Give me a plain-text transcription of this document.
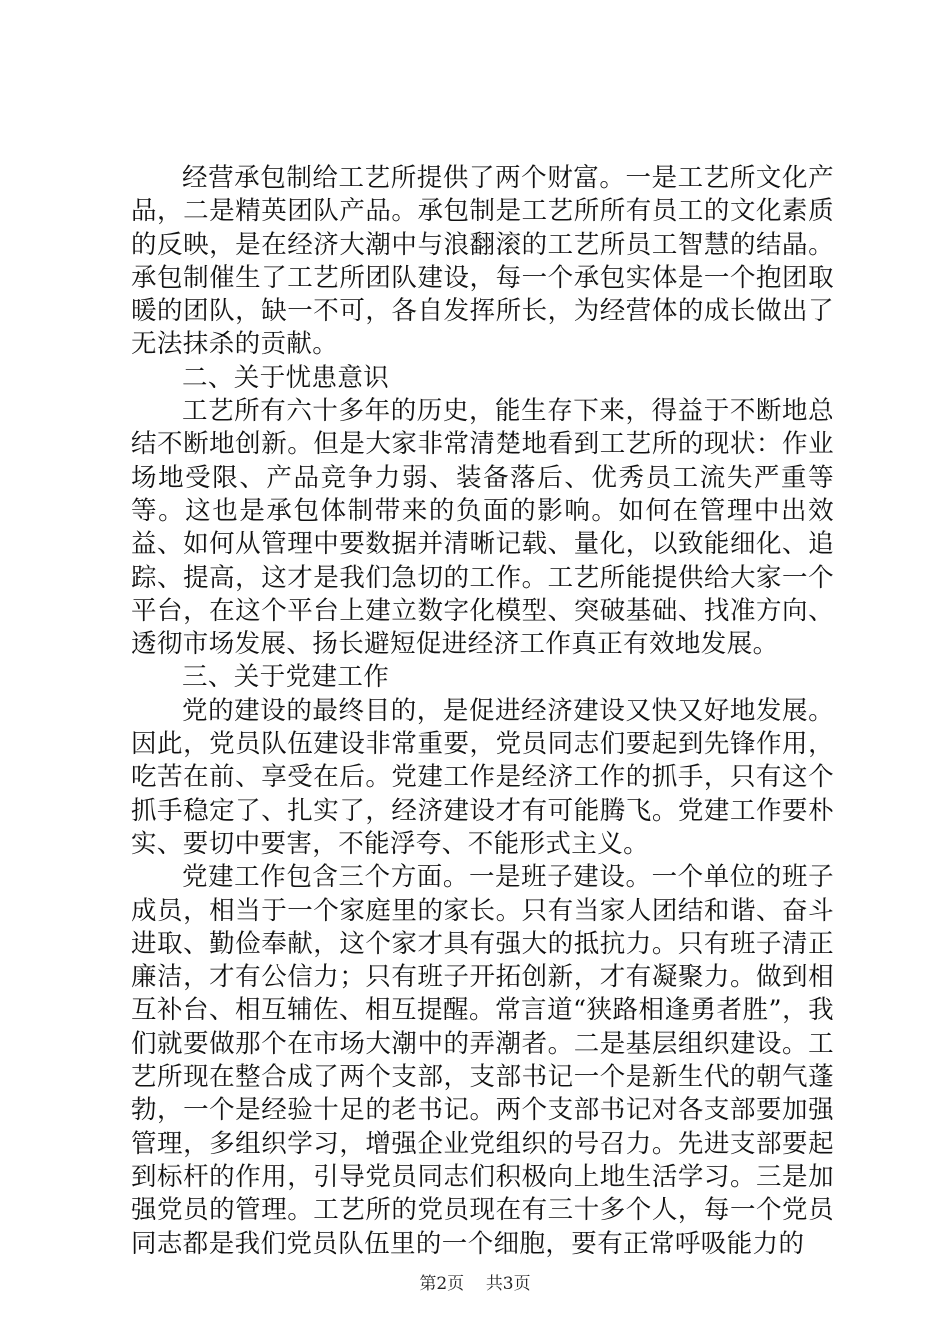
经营承包制给工艺所提供了两个财富。一是工艺所文化产品，二是精英团队产品。承包制是工艺所所有员工的文化素质的反映，是在经济大潮中与浪翻滚的工艺所员工智慧的结晶。承包制催生了工艺所团队建设，每一个承包实体是一个抱团取暖的团队，缺一不可，各自发挥所长，为经营体的成长做出了无法抹杀的贡献。

二、关于忧患意识

工艺所有六十多年的历史，能生存下来，得益于不断地总结不断地创新。但是大家非常清楚地看到工艺所的现状：作业场地受限、产品竞争力弱、装备落后、优秀员工流失严重等等。这也是承包体制带来的负面的影响。如何在管理中出效益、如何从管理中要数据并清晰记载、量化，以致能细化、追踪、提高，这才是我们急切的工作。工艺所能提供给大家一个平台，在这个平台上建立数字化模型、突破基础、找准方向、透彻市场发展、扬长避短促进经济工作真正有效地发展。

三、关于党建工作

党的建设的最终目的，是促进经济建设又快又好地发展。因此，党员队伍建设非常重要，党员同志们要起到先锋作用，吃苦在前、享受在后。党建工作是经济工作的抓手，只有这个抓手稳定了、扎实了，经济建设才有可能腾飞。党建工作要朴实、要切中要害，不能浮夸、不能形式主义。

党建工作包含三个方面。一是班子建设。一个单位的班子成员，相当于一个家庭里的家长。只有当家人团结和谐、奋斗进取、勤俭奉献，这个家才具有强大的抵抗力。只有班子清正廉洁，才有公信力；只有班子开拓创新，才有凝聚力。做到相互补台、相互辅佐、相互提醒。常言道“狭路相逢勇者胜”，我们就要做那个在市场大潮中的弄潮者。二是基层组织建设。工艺所现在整合成了两个支部，支部书记一个是新生代的朝气蓬勃，一个是经验十足的老书记。两个支部书记对各支部要加强管理，多组织学习，增强企业党组织的号召力。先进支部要起到标杆的作用，引导党员同志们积极向上地生活学习。三是加强党员的管理。工艺所的党员现在有三十多个人，每一个党员同志都是我们党员队伍里的一个细胞，要有正常呼吸能力的

第2页 共3页
